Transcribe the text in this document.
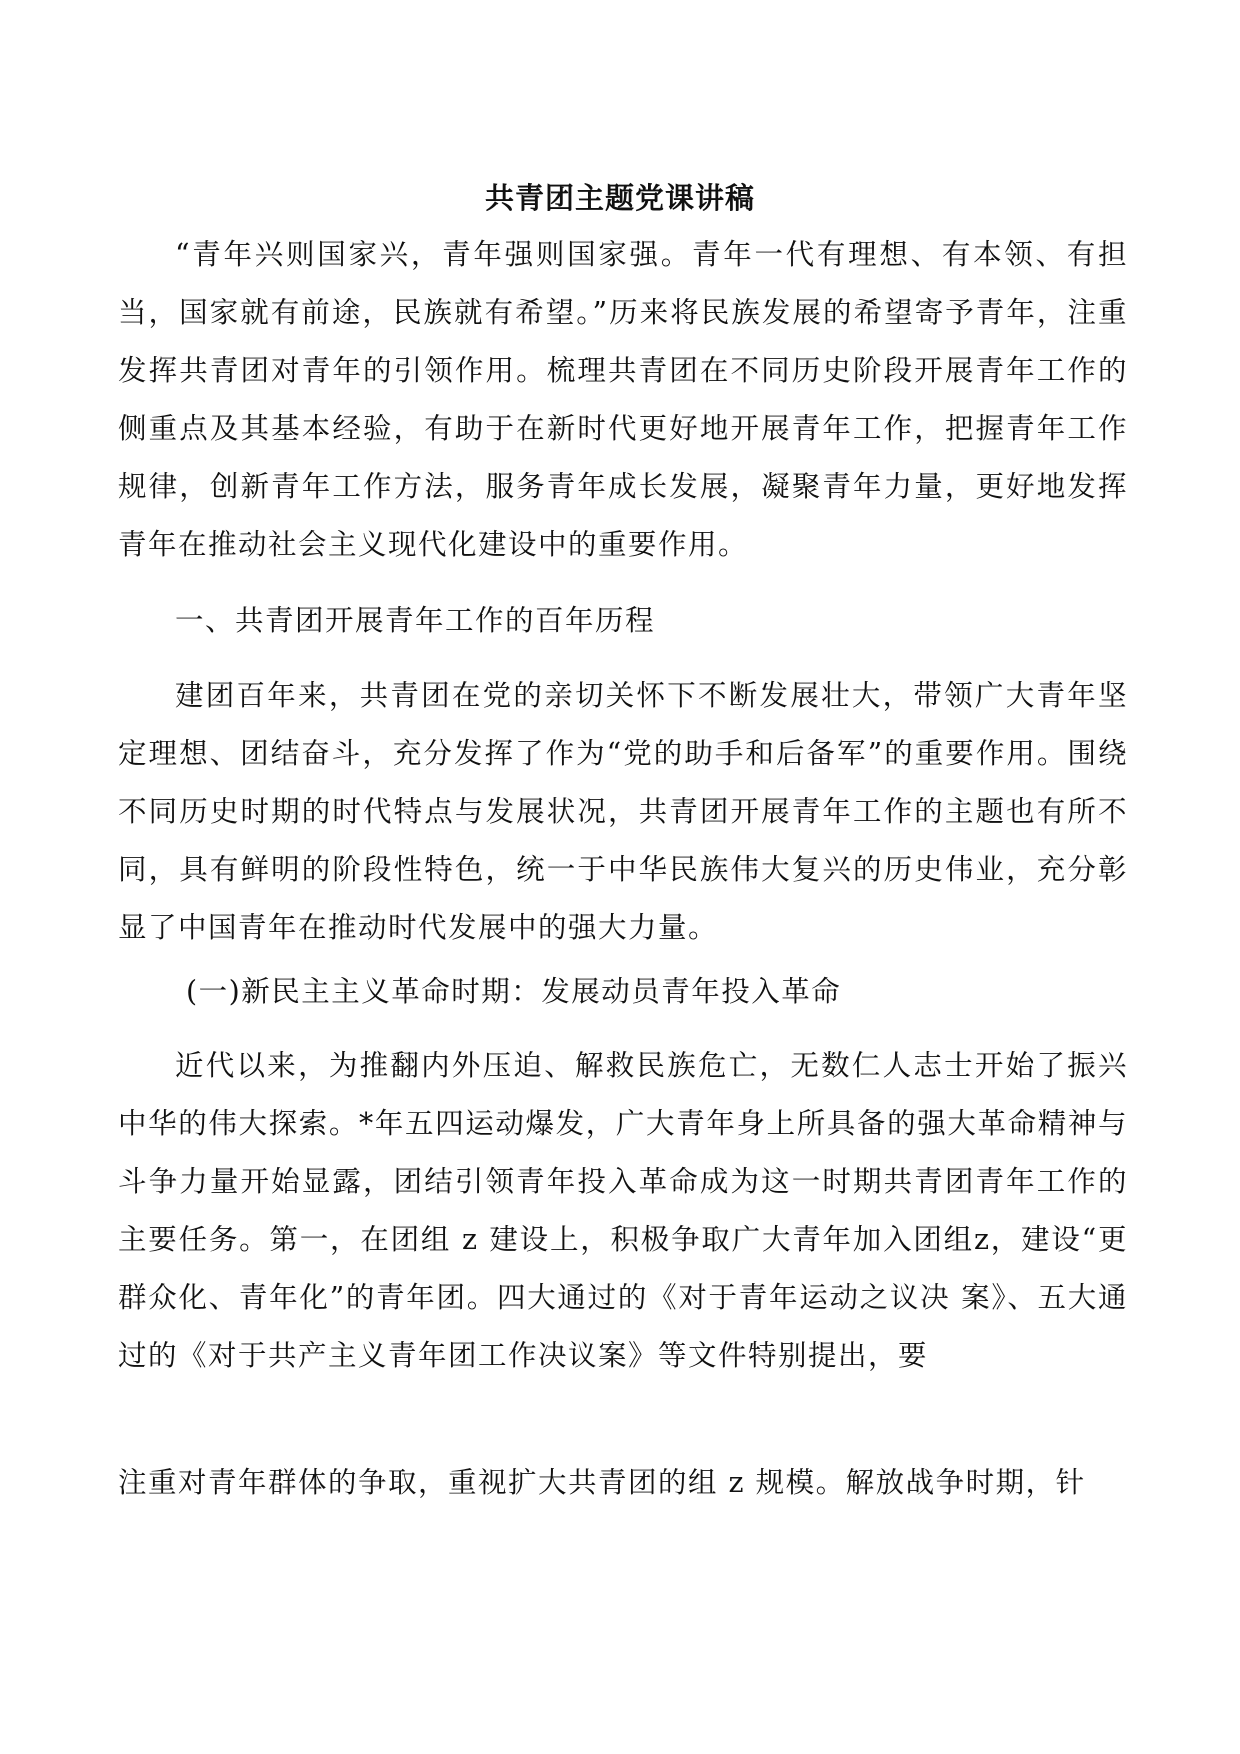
共青团主题党课讲稿

“青年兴则国家兴，青年强则国家强。青年一代有理想、有本领、有担当，国家就有前途，民族就有希望。”历来将民族发展的希望寄予青年，注重发挥共青团对青年的引领作用。梳理共青团在不同历史阶段开展青年工作的侧重点及其基本经验，有助于在新时代更好地开展青年工作，把握青年工作规律，创新青年工作方法，服务青年成长发展，凝聚青年力量，更好地发挥青年在推动社会主义现代化建设中的重要作用。

一、共青团开展青年工作的百年历程

建团百年来，共青团在党的亲切关怀下不断发展壮大，带领广大青年坚定理想、团结奋斗，充分发挥了作为“党的助手和后备军”的重要作用。围绕不同历史时期的时代特点与发展状况，共青团开展青年工作的主题也有所不同，具有鲜明的阶段性特色，统一于中华民族伟大复兴的历史伟业，充分彰显了中国青年在推动时代发展中的强大力量。

(一)新民主主义革命时期：发展动员青年投入革命

近代以来，为推翻内外压迫、解救民族危亡，无数仁人志士开始了振兴中华的伟大探索。*年五四运动爆发，广大青年身上所具备的强大革命精神与斗争力量开始显露，团结引领青年投入革命成为这一时期共青团青年工作的主要任务。第一，在团组 z 建设上，积极争取广大青年加入团组z，建设“更群众化、青年化”的青年团。四大通过的《对于青年运动之议决 案》、五大通过的《对于共产主义青年团工作决议案》等文件特别提出，要

注重对青年群体的争取，重视扩大共青团的组 z 规模。解放战争时期，针
